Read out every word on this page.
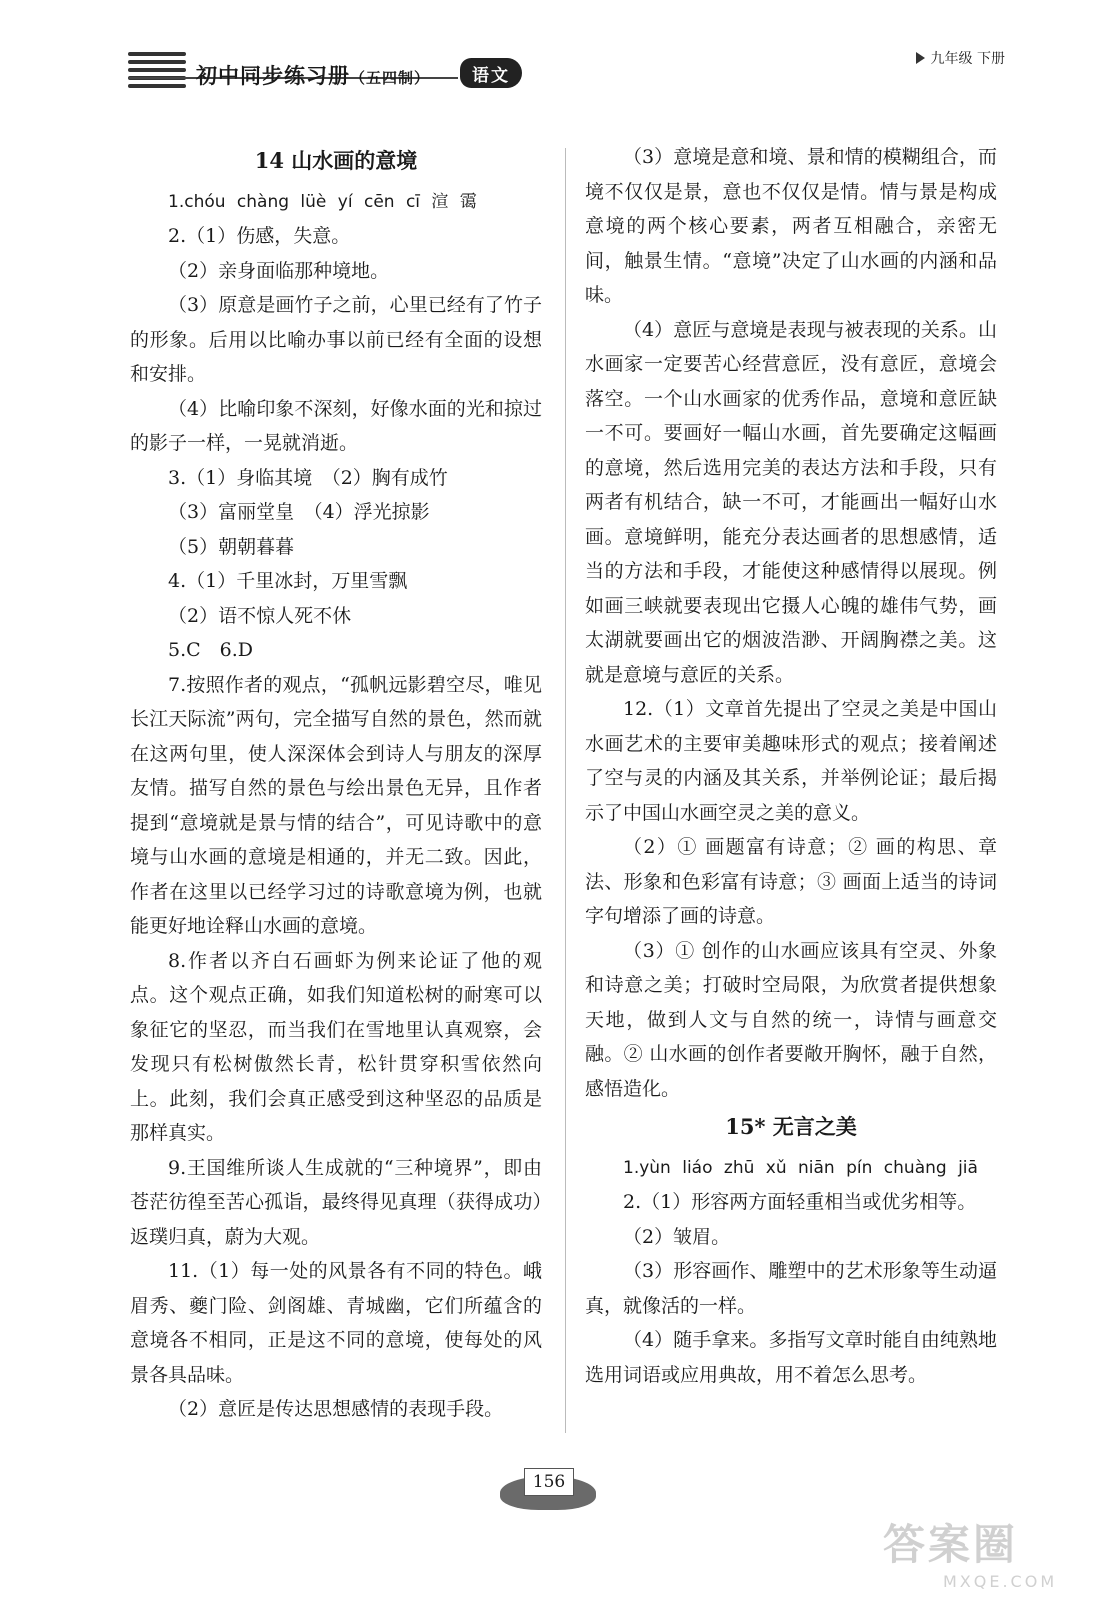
初中同步练习册（五四制）	语文
九年级 下册
14 山水画的意境

1.chóu chàng lüè yí cēn cī 渲 霭

2.（1）伤感，失意。

（2）亲身面临那种境地。

（3）原意是画竹子之前，心里已经有了竹子的形象。后用以比喻办事以前已经有全面的设想和安排。

（4）比喻印象不深刻，好像水面的光和掠过的影子一样，一晃就消逝。

3.（1）身临其境　（2）胸有成竹

（3）富丽堂皇　（4）浮光掠影

（5）朝朝暮暮

4.（1）千里冰封，万里雪飘

（2）语不惊人死不休

5.C　6.D

7.按照作者的观点，“孤帆远影碧空尽，唯见长江天际流”两句，完全描写自然的景色，然而就在这两句里，使人深深体会到诗人与朋友的深厚友情。描写自然的景色与绘出景色无异，且作者提到“意境就是景与情的结合”，可见诗歌中的意境与山水画的意境是相通的，并无二致。因此，作者在这里以已经学习过的诗歌意境为例，也就能更好地诠释山水画的意境。

8.作者以齐白石画虾为例来论证了他的观点。这个观点正确，如我们知道松树的耐寒可以象征它的坚忍，而当我们在雪地里认真观察，会发现只有松树傲然长青，松针贯穿积雪依然向上。此刻，我们会真正感受到这种坚忍的品质是那样真实。

9.王国维所谈人生成就的“三种境界”，即由苍茫彷徨至苦心孤诣，最终得见真理（获得成功）返璞归真，蔚为大观。

11.（1）每一处的风景各有不同的特色。峨眉秀、夔门险、剑阁雄、青城幽，它们所蕴含的意境各不相同，正是这不同的意境，使每处的风景各具品味。

（2）意匠是传达思想感情的表现手段。

（3）意境是意和境、景和情的模糊组合，而境不仅仅是景，意也不仅仅是情。情与景是构成意境的两个核心要素，两者互相融合，亲密无间，触景生情。“意境”决定了山水画的内涵和品味。

（4）意匠与意境是表现与被表现的关系。山水画家一定要苦心经营意匠，没有意匠，意境会落空。一个山水画家的优秀作品，意境和意匠缺一不可。要画好一幅山水画，首先要确定这幅画的意境，然后选用完美的表达方法和手段，只有两者有机结合，缺一不可，才能画出一幅好山水画。意境鲜明，能充分表达画者的思想感情，适当的方法和手段，才能使这种感情得以展现。例如画三峡就要表现出它摄人心魄的雄伟气势，画太湖就要画出它的烟波浩渺、开阔胸襟之美。这就是意境与意匠的关系。

12.（1）文章首先提出了空灵之美是中国山水画艺术的主要审美趣味形式的观点；接着阐述了空与灵的内涵及其关系，并举例论证；最后揭示了中国山水画空灵之美的意义。

（2）① 画题富有诗意；② 画的构思、章法、形象和色彩富有诗意；③ 画面上适当的诗词字句增添了画的诗意。

（3）① 创作的山水画应该具有空灵、外象和诗意之美；打破时空局限，为欣赏者提供想象天地，做到人文与自然的统一，诗情与画意交融。② 山水画的创作者要敞开胸怀，融于自然，感悟造化。

15* 无言之美

1.yùn liáo zhū xǔ niān pín chuàng jiā

2.（1）形容两方面轻重相当或优劣相等。

（2）皱眉。

（3）形容画作、雕塑中的艺术形象等生动逼真，就像活的一样。

（4）随手拿来。多指写文章时能自由纯熟地选用词语或应用典故，用不着怎么思考。

156
答案圈
MXQE.COM
